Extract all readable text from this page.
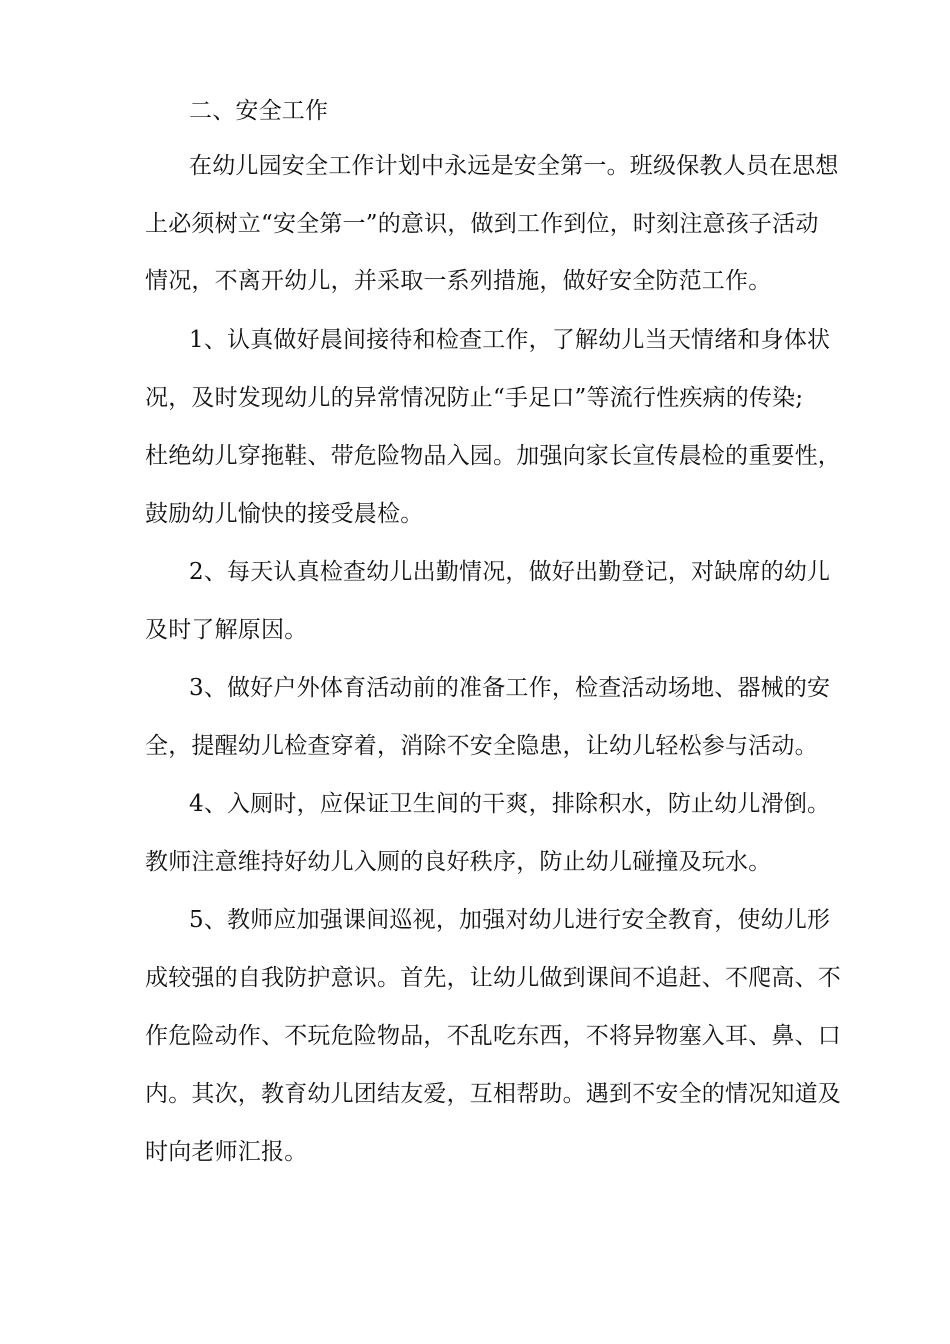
二、安全工作
在幼儿园安全工作计划中永远是安全第一。班级保教人员在思想
上必须树立“安全第一”的意识，做到工作到位，时刻注意孩子活动
情况，不离开幼儿，并采取一系列措施，做好安全防范工作。
1、认真做好晨间接待和检查工作，了解幼儿当天情绪和身体状
况，及时发现幼儿的异常情况防止“手足口”等流行性疾病的传染;
杜绝幼儿穿拖鞋、带危险物品入园。加强向家长宣传晨检的重要性，
鼓励幼儿愉快的接受晨检。
2、每天认真检查幼儿出勤情况，做好出勤登记，对缺席的幼儿
及时了解原因。
3、做好户外体育活动前的准备工作，检查活动场地、器械的安
全，提醒幼儿检查穿着，消除不安全隐患，让幼儿轻松参与活动。
4、入厕时，应保证卫生间的干爽，排除积水，防止幼儿滑倒。
教师注意维持好幼儿入厕的良好秩序，防止幼儿碰撞及玩水。
5、教师应加强课间巡视，加强对幼儿进行安全教育，使幼儿形
成较强的自我防护意识。首先，让幼儿做到课间不追赶、不爬高、不
作危险动作、不玩危险物品，不乱吃东西，不将异物塞入耳、鼻、口
内。其次，教育幼儿团结友爱，互相帮助。遇到不安全的情况知道及
时向老师汇报。
